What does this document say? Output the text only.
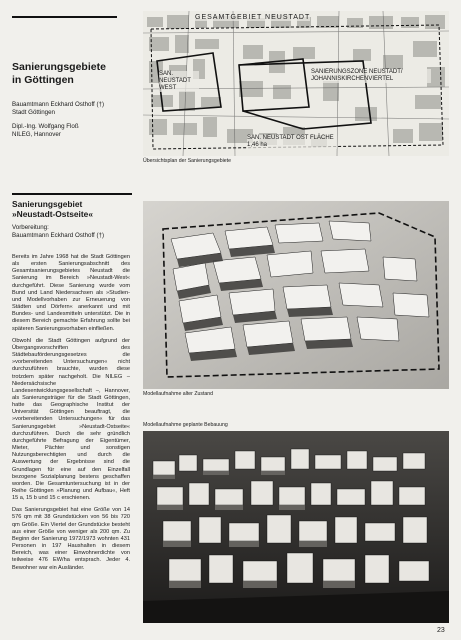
Sanierungsgebiete
in Göttingen
Bauamtmann Eckhard Osthoff (†)
Stadt Göttingen
Dipl.-Ing. Wolfgang Floß
NILEG, Hannover
Sanierungsgebiet
»Neustadt-Ostseite«
Vorbereitung:
Bauamtmann Eckhard Osthoff (†)

Bereits im Jahre 1968 hat die Stadt Göttingen als ersten Sanierungsabschnitt des Gesamtsanierungsgebietes Neustadt die Sanierung im Bereich »Neustadt-West« durchgeführt. Diese Sanierung wurde vom Bund und Land Niedersachsen als »Studien- und Modellvorhaben zur Erneuerung von Städten und Dörfern« anerkannt und mit Bundes- und Landesmitteln unterstützt. Die in diesem Bereich gemachte Erfahrung sollte bei späteren Sanierungsvorhaben einfließen.

Obwohl die Stadt Göttingen aufgrund der Übergangsvorschriften des Städtebauförderungsgesetzes die »vorbereitenden Untersuchungen« nicht durchzuführen brauchte, wurden diese trotzdem später nachgeholt. Die NILEG – Niedersächsische Landesentwicklungsgesellschaft –, Hannover, als Sanierungsträger für die Stadt Göttingen, hatte das Geographische Institut der Universität Göttingen beauftragt, die »vorbereitenden Untersuchungen« für das Sanierungsgebiet »Neustadt-Ostseite« durchzuführen. Durch die sehr gründlich durchgeführte Befragung der Eigentümer, Mieter, Pächter und sonstigen Nutzungsberechtigten und durch die Auswertung der Ergebnisse sind die Grundlagen für eine auf den Einzelfall bezogene Sozialplanung bestens geschaffen worden. Die Gesamtuntersuchung ist in der Reihe Göttingen »Planung und Aufbau«, Heft 15 a, 15 b und 15 c erschienen.

Das Sanierungsgebiet hat eine Größe von 14 576 qm mit 38 Grundstücken von 56 bis 720 qm Größe. Ein Viertel der Grundstücke besteht aus einer Größe von weniger als 200 qm. Zu Beginn der Sanierung 1972/1973 wohnten 431 Personen in 197 Haushalten in diesem Bereich, was einer Einwohnerdichte von teilweise 476 EW/ha entsprach. Jeder 4. Bewohner war ein Ausländer.

GESAMTGEBIET NEUSTADT
SAN. NEUSTADT WEST
SANIERUNGSZONE NEUSTADT/ JOHANNISKIRCHENVIERTEL
SAN. NEUSTADT OST FLÄCHE 1,46 ha
Übersichtsplan der Sanierungsgebiete
Modellaufnahme alter Zustand
Modellaufnahme geplante Bebauung
23
